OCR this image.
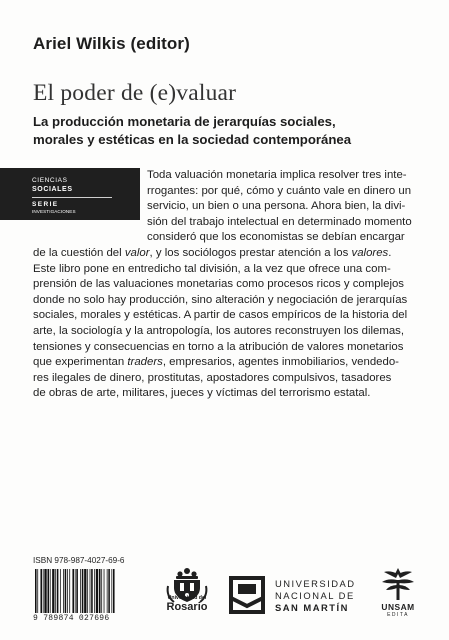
Ariel Wilkis (editor)
El poder de (e)valuar
La producción monetaria de jerarquías sociales,
morales y estéticas en la sociedad contemporánea
CIENCIAS
SOCIALES
SERIE
INVESTIGACIONES
Toda valuación monetaria implica resolver tres inte-
rrogantes: por qué, cómo y cuánto vale en dinero un
servicio, un bien o una persona. Ahora bien, la divi-
sión del trabajo intelectual en determinado momento
consideró que los economistas se debían encargar
de la cuestión del valor, y los sociólogos prestar atención a los valores.
Este libro pone en entredicho tal división, a la vez que ofrece una com-
prensión de las valuaciones monetarias como procesos ricos y complejos
donde no solo hay producción, sino alteración y negociación de jerarquías
sociales, morales y estéticas. A partir de casos empíricos de la historia del
arte, la sociología y la antropología, los autores reconstruyen los dilemas,
tensiones y consecuencias en torno a la atribución de valores monetarios
que experimentan traders, empresarios, agentes inmobiliarios, vendedo-
res ilegales de dinero, prostitutas, apostadores compulsivos, tasadores
de obras de arte, militares, jueces y víctimas del terrorismo estatal.
ISBN 978-987-4027-69-6
9 789874 027696
Universidad del
Rosario
UNIVERSIDAD
NACIONAL DE
SAN MARTÍN	UNSAM
EDITA
